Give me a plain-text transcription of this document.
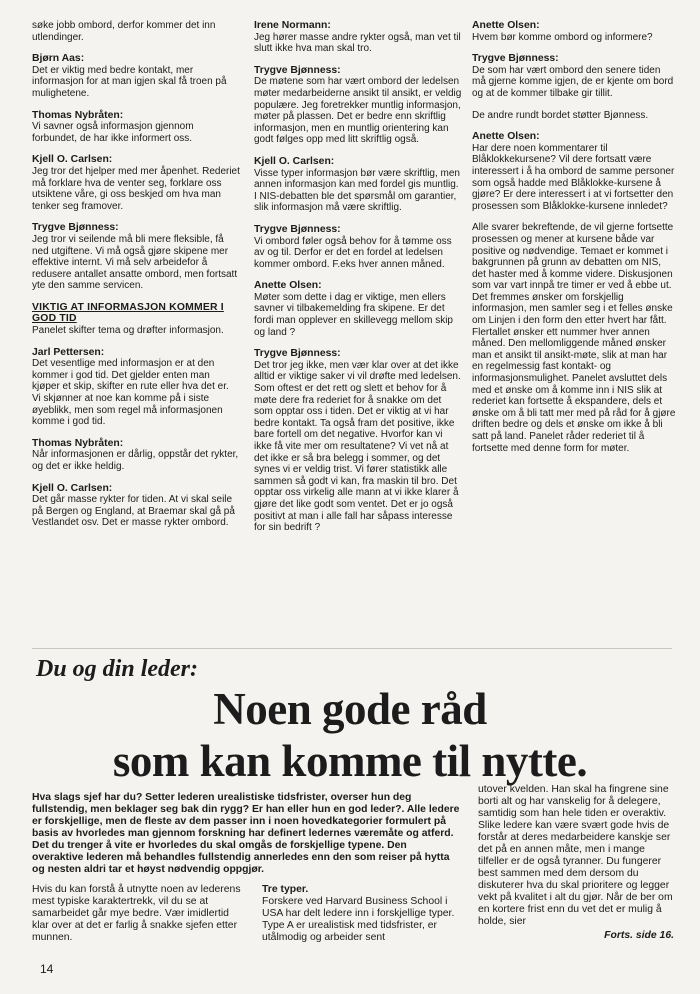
søke jobb ombord, derfor kommer det inn utlendinger.
Bjørn Aas:
Det er viktig med bedre kontakt, mer informasjon for at man igjen skal få troen på mulighetene.
Thomas Nybråten:
Vi savner også informasjon gjennom forbundet, de har ikke informert oss.
Kjell O. Carlsen:
Jeg tror det hjelper med mer åpenhet. Rederiet må forklare hva de venter seg, forklare oss utsiktene våre, gi oss beskjed om hva man tenker seg framover.
Trygve Bjønness:
Jeg tror vi seilende må bli mere fleksible, få ned utgiftene. Vi må også gjøre skipene mer effektive internt. Vi må selv arbeidefor å redusere antallet ansatte ombord, men fortsatt yte den samme servicen.
VIKTIG AT INFORMASJON KOMMER I GOD TID
Panelet skifter tema og drøfter informasjon.
Jarl Pettersen:
Det vesentlige med informasjon er at den kommer i god tid. Det gjelder enten man kjøper et skip, skifter en rute eller hva det er. Vi skjønner at noe kan komme på i siste øyeblikk, men som regel må informasjonen komme i god tid.
Thomas Nybråten:
Når informasjonen er dårlig, oppstår det rykter, og det er ikke heldig.
Kjell O. Carlsen:
Det går masse rykter for tiden. At vi skal seile på Bergen og England, at Braemar skal gå på Vestlandet osv. Det er masse rykter ombord.
Irene Normann:
Jeg hører masse andre rykter også, man vet til slutt ikke hva man skal tro.
Trygve Bjønness:
De møtene som har vært ombord der ledelsen møter medarbeiderne ansikt til ansikt, er veldig populære. Jeg foretrekker muntlig informasjon, møter på plassen. Det er bedre enn skriftlig informasjon, men en muntlig orientering kan godt følges opp med litt skriftlig også.
Kjell O. Carlsen:
Visse typer informasjon bør være skriftlig, men annen informasjon kan med fordel gis muntlig. I NIS-debatten ble det spørsmål om garantier, slik informasjon må være skriftlig.
Trygve Bjønness:
Vi ombord føler også behov for å tømme oss av og til. Derfor er det en fordel at ledelsen kommer ombord. F.eks hver annen måned.
Anette Olsen:
Møter som dette i dag er viktige, men ellers savner vi tilbakemelding fra skipene. Er det fordi man opplever en skillevegg mellom skip og land ?
Trygve Bjønness:
Det tror jeg ikke, men vær klar over at det ikke alltid er viktige saker vi vil drøfte med ledelsen. Som oftest er det rett og slett et behov for å møte dere fra rederiet for å snakke om det som opptar oss i tiden. Det er viktig at vi har bedre kontakt. Ta også fram det positive, ikke bare fortell om det negative. Hvorfor kan vi ikke få vite mer om resultatene? Vi vet nå at det ikke er så bra belegg i sommer, og det synes vi er veldig trist. Vi fører statistikk alle sammen så godt vi kan, fra maskin til bro. Det opptar oss virkelig alle mann at vi ikke klarer å gjøre det like godt som ventet. Det er jo også positivt at man i alle fall har såpass interesse for sin bedrift ?
Anette Olsen:
Hvem bør komme ombord og informere?
Trygve Bjønness:
De som har vært ombord den senere tiden må gjerne komme igjen, de er kjente om bord og at de kommer tilbake gir tillit.
De andre rundt bordet støtter Bjønness.
Anette Olsen:
Har dere noen kommentarer til Blåklokkekursene? Vil dere fortsatt være interessert i å ha ombord de samme personer som også hadde med Blåklokke-kursene å gjøre? Er dere interessert i at vi fortsetter den prosessen som Blåklokke-kursene innledet?
Alle svarer bekreftende, de vil gjerne fortsette prosessen og mener at kursene både var positive og nødvendige. Temaet er kommet i bakgrunnen på grunn av debatten om NIS, det haster med å komme videre. Diskusjonen som var vart innpå tre timer er ved å ebbe ut. Det fremmes ønsker om forskjellig informasjon, men samler seg i et felles ønske om Linjen i den form den etter hvert har fått. Flertallet ønsker ett nummer hver annen måned. Den mellomliggende måned ønsker man et ansikt til ansikt-møte, slik at man har en regelmessig fast kontakt- og informasjonsmulighet. Panelet avsluttet dels med et ønske om å komme inn i NIS slik at rederiet kan fortsette å ekspandere, dels et ønske om å bli tatt mer med på råd for å gjøre driften bedre og dels et ønske om ikke å bli satt på land. Panelet råder rederiet til å fortsette med denne form for møter.
Du og din leder:
Noen gode råd
som kan komme til nytte.
Hva slags sjef har du? Setter lederen urealistiske tidsfrister, overser hun deg fullstendig, men beklager seg bak din rygg? Er han eller hun en god leder?. Alle ledere er forskjellige, men de fleste av dem passer inn i noen hovedkategorier formulert på basis av hvorledes man gjennom forskning har definert ledernes væremåte og atferd. Det du trenger å vite er hvorledes du skal omgås de forskjellige typene. Den overaktive lederen må behandles fullstendig annerledes enn den som reiser på hytta og nesten aldri tar et høyst nødvendig oppgjør.
Hvis du kan forstå å utnytte noen av lederens mest typiske karaktertrekk, vil du se at samarbeidet går mye bedre. Vær imidlertid klar over at det er farlig å snakke sjefen etter munnen.
Tre typer.
Forskere ved Harvard Business School i USA har delt ledere inn i forskjellige typer. Type A er urealistisk med tidsfrister, er utålmodig og arbeider sent
utover kvelden. Han skal ha fingrene sine borti alt og har vanskelig for å delegere, samtidig som han hele tiden er overaktiv. Slike ledere kan være svært gode hvis de forstår at deres medarbeidere kanskje ser det på en annen måte, men i mange tilfeller er de også tyranner. Du fungerer best sammen med dem dersom du diskuterer hva du skal prioritere og legger vekt på kvalitet i alt du gjør. Når de ber om en kortere frist enn du vet det er mulig å holde, sier
Forts. side 16.
14
